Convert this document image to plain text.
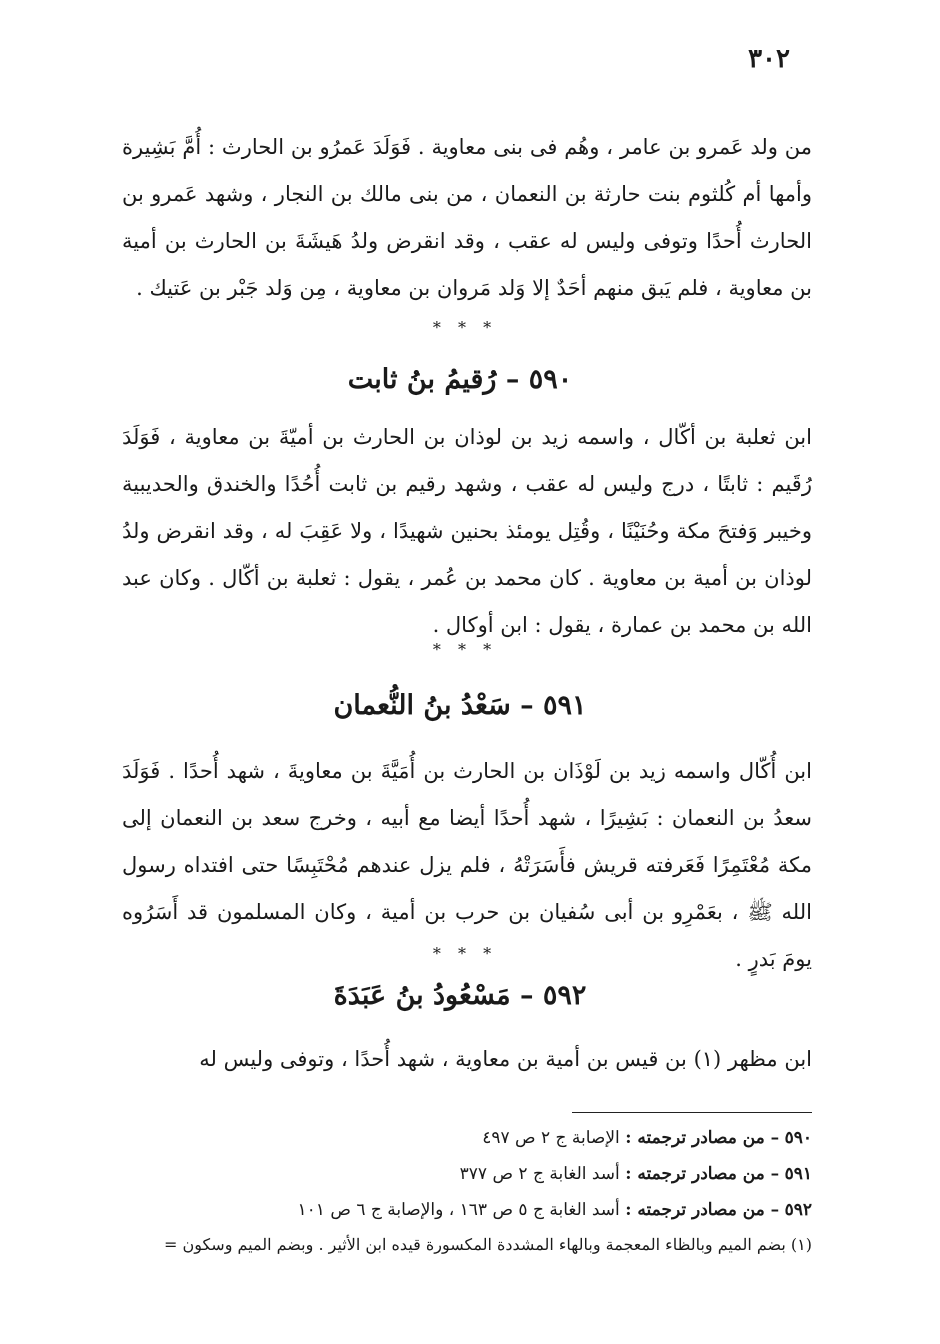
٣٠٢

من ولد عَمرو بن عامر ، وهُم فى بنى معاوية . فَوَلَدَ عَمرُو بن الحارث : أُمَّ بَشِيرة وأمها أم كُلثوم بنت حارثة بن النعمان ، من بنى مالك بن النجار ، وشهد عَمرو بن الحارث أُحدًا وتوفى وليس له عقب ، وقد انقرض ولدُ هَيشَةَ بن الحارث بن أمية بن معاوية ، فلم يَبق منهم أحَدٌ إلا وَلد مَروان بن معاوية ، مِن وَلد جَبْر بن عَتيك .

* * *
٥٩٠ – رُقيمُ بنُ ثابت

ابن ثعلبة بن أكّال ، واسمه زيد بن لوذان بن الحارث بن أميّةَ بن معاوية ، فَوَلَدَ رُقَيم : ثابتًا ، درج وليس له عقب ، وشهد رقيم بن ثابت أُحُدًا والخندق والحديبية وخيبر وَفتحَ مكة وحُنَيْنًا ، وقُتِل يومئذ بحنين شهيدًا ، ولا عَقِبَ له ، وقد انقرض ولدُ لوذان بن أمية بن معاوية . كان محمد بن عُمر ، يقول : ثعلبة بن أكّال . وكان عبد الله بن محمد بن عمارة ، يقول : ابن أوكال .

* * *
٥٩١ – سَعْدُ بنُ النُّعمان

ابن أُكّال واسمه زيد بن لَوْذَان بن الحارث بن أُمَيَّةَ بن معاويةَ ، شهد أُحدًا . فَوَلَدَ سعدُ بن النعمان : بَشِيرًا ، شهد أُحدًا أيضا مع أبيه ، وخرج سعد بن النعمان إلى مكة مُعْتَمِرًا فَعَرفته قريش فأَسَرَتْهُ ، فلم يزل عندهم مُحْتَبِسًا حتى افتداه رسول الله ﷺ ، بعَمْرِو بن أبى سُفيان بن حرب بن أمية ، وكان المسلمون قد أَسَرُوه يومَ بَدرٍ .

* * *
٥٩٢ – مَسْعُودُ بنُ عَبَدَةَ

ابن مظهر (١) بن قيس بن أمية بن معاوية ، شهد أُحدًا ، وتوفى وليس له

٥٩٠ – من مصادر ترجمته : الإصابة ج ٢ ص ٤٩٧
٥٩١ – من مصادر ترجمته : أسد الغابة ج ٢ ص ٣٧٧
٥٩٢ – من مصادر ترجمته : أسد الغابة ج ٥ ص ١٦٣ ، والإصابة ج ٦ ص ١٠١
(١) بضم الميم وبالظاء المعجمة وبالهاء المشددة المكسورة قيده ابن الأثير . وبضم الميم وسكون =
